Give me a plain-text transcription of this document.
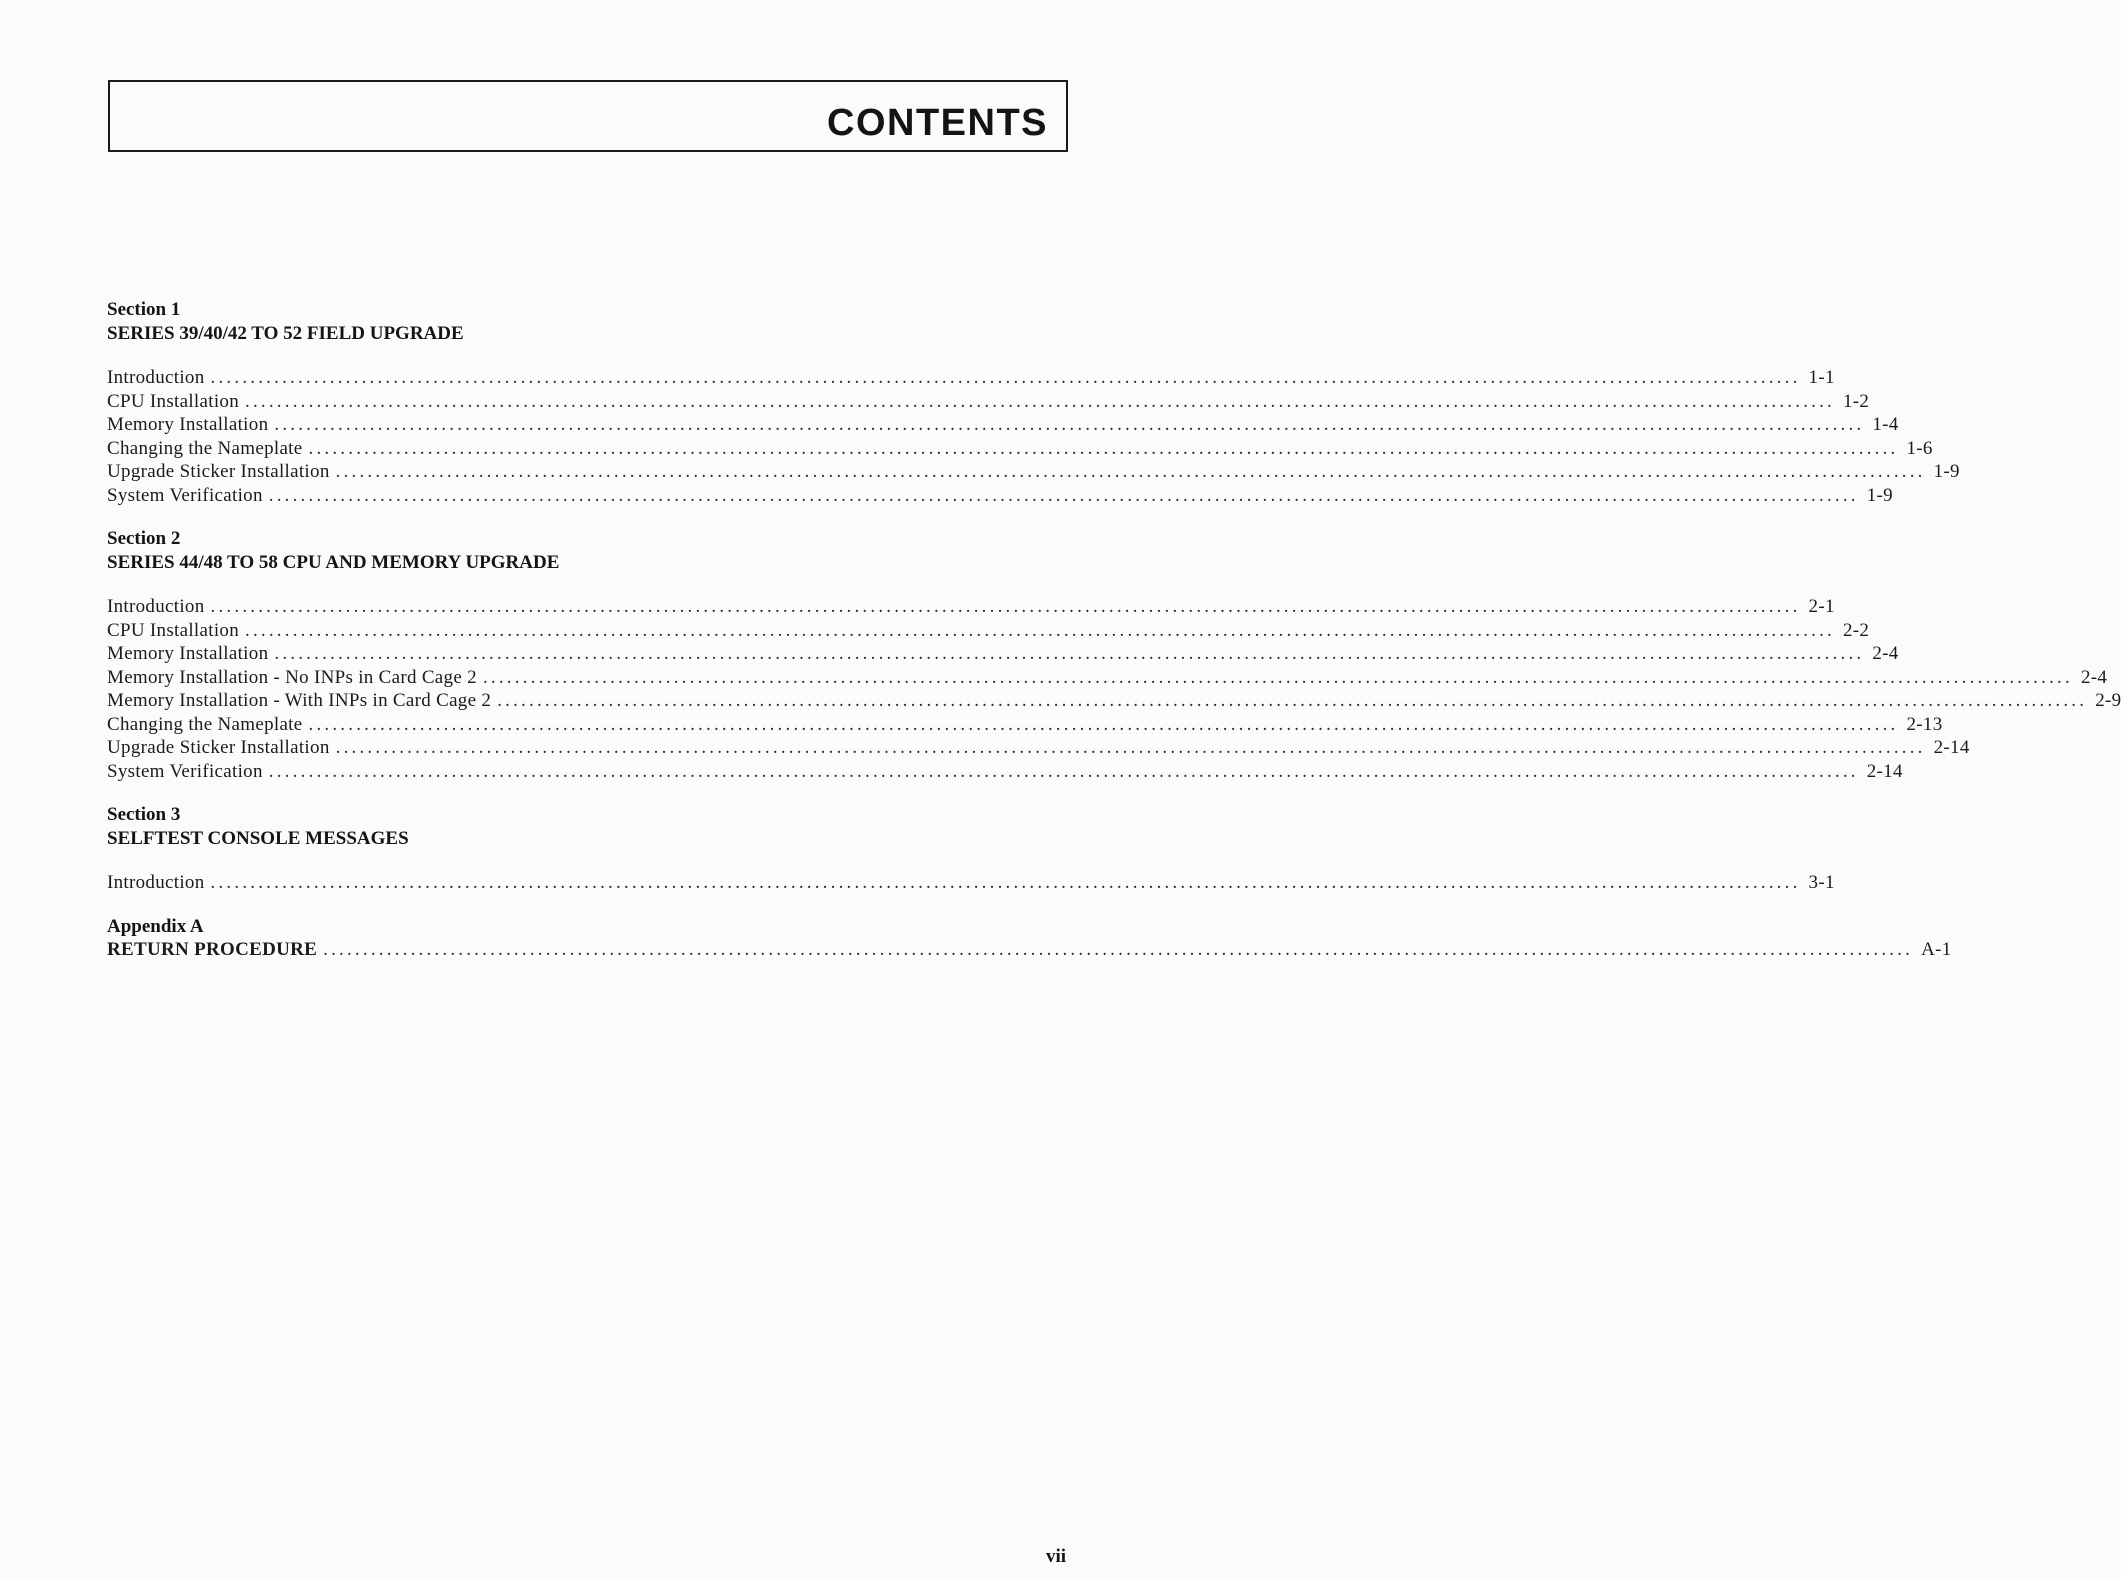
CONTENTS
Section 1
SERIES 39/40/42 TO 52 FIELD UPGRADE
Introduction ........................................................................................................................................................................................................ 1-1
CPU Installation ........................................................................................................................................................................................................ 1-2
Memory Installation ........................................................................................................................................................................................................ 1-4
Changing the Nameplate ........................................................................................................................................................................................................ 1-6
Upgrade Sticker Installation ........................................................................................................................................................................................................ 1-9
System Verification ........................................................................................................................................................................................................ 1-9
Section 2
SERIES 44/48 TO 58 CPU AND MEMORY UPGRADE
Introduction ........................................................................................................................................................................................................ 2-1
CPU Installation ........................................................................................................................................................................................................ 2-2
Memory Installation ........................................................................................................................................................................................................ 2-4
Memory Installation - No INPs in Card Cage 2 ........................................................................................................................................................................................................ 2-4
Memory Installation - With INPs in Card Cage 2 ........................................................................................................................................................................................................ 2-9
Changing the Nameplate ........................................................................................................................................................................................................ 2-13
Upgrade Sticker Installation ........................................................................................................................................................................................................ 2-14
System Verification ........................................................................................................................................................................................................ 2-14
Section 3
SELFTEST CONSOLE MESSAGES
Introduction ........................................................................................................................................................................................................ 3-1
Appendix A
RETURN PROCEDURE ........................................................................................................................................................................................................ A-1
vii
